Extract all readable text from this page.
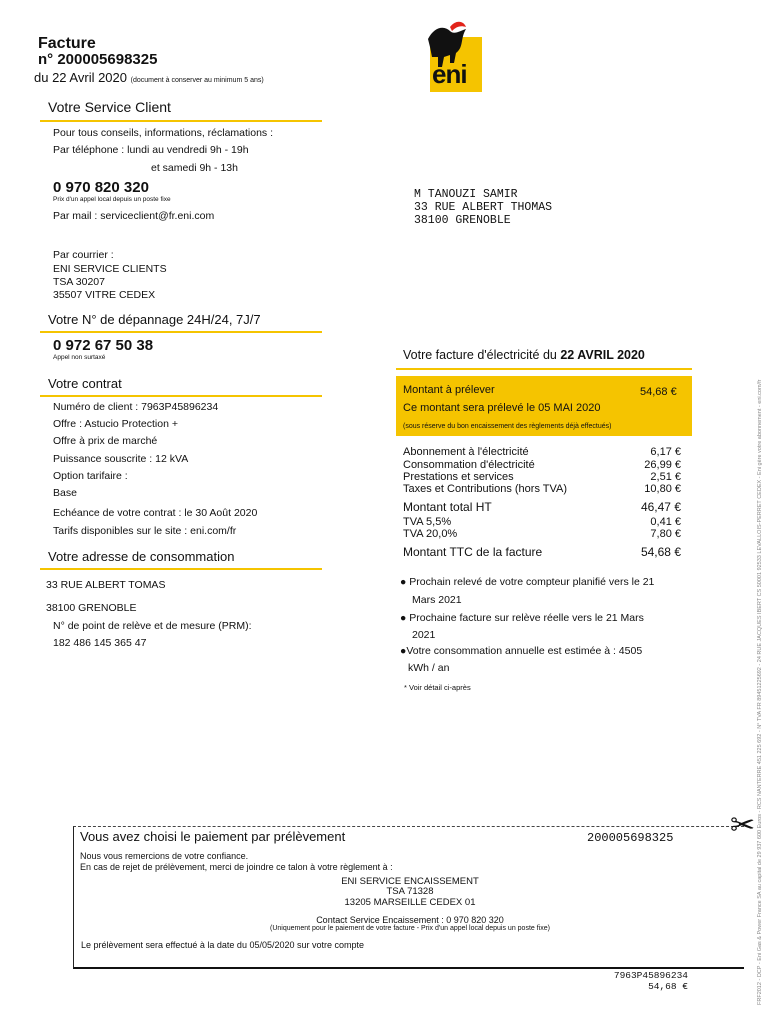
Facture
n° 200005698325
du 22 Avril 2020 (document à conserver au minimum 5 ans)	eni
Votre Service Client
Pour tous conseils, informations, réclamations :
Par téléphone : lundi au vendredi 9h - 19h
et samedi 9h - 13h
0 970 820 320
Prix d'un appel local depuis un poste fixe
Par mail : serviceclient@fr.eni.com
Par courrier :
ENI SERVICE CLIENTS
TSA 30207
35507 VITRE CEDEX
Votre N° de dépannage 24H/24, 7J/7
0 972 67 50 38
Appel non surtaxé
Votre contrat
Numéro de client : 7963P45896234
Offre : Astucio Protection +
Offre à prix de marché
Puissance souscrite : 12 kVA
Option tarifaire :
Base
Echéance de votre contrat : le 30 Août 2020
Tarifs disponibles sur le site : eni.com/fr
Votre adresse de consommation
33 RUE ALBERT TOMAS
38100 GRENOBLE
N° de point de relève et de mesure (PRM):
182 486 145 365 47
M TANOUZI SAMIR
33 RUE ALBERT THOMAS
38100 GRENOBLE
Votre facture d'électricité du 22 AVRIL 2020
Montant à prélever	54,68 €
Ce montant sera prélevé le 05 MAI 2020
(sous réserve du bon encaissement des règlements déjà effectués)
Abonnement à l'électricité	6,17 €
Consommation d'électricité	26,99 €
Prestations et services	2,51 €
Taxes et Contributions (hors TVA)	10,80 €
Montant total HT	46,47 €
TVA 5,5%	0,41 €
TVA 20,0%	7,80 €
Montant TTC de la facture	54,68 €
● Prochain relevé de votre compteur planifié vers le 21
Mars 2021
● Prochaine facture sur relève réelle vers le 21 Mars
2021
●Votre consommation annuelle est estimée à : 4505
kWh / an
* Voir détail ci-après	FRF2012 - DCP - Eni Gas & Power France SA au capital de 29 937 600 Euros - RCS NANTERRE 451 225 692 - N° TVA FR 89451225692 - 24 RUE JACQUES IBERT CS 50001 92533 LEVALLOIS-PERRET CEDEX - Eni gère votre abonnement - eni.com/fr
✂
Vous avez choisi le paiement par prélèvement	200005698325
Nous vous remercions de votre confiance.
En cas de rejet de prélèvement, merci de joindre ce talon à votre règlement à :
ENI SERVICE ENCAISSEMENT
TSA 71328
13205 MARSEILLE CEDEX 01
Contact Service Encaissement : 0 970 820 320
(Uniquement pour le paiement de votre facture - Prix d'un appel local depuis un poste fixe)
Le prélèvement sera effectué à la date du 05/05/2020 sur votre compte
7963P45896234
54,68 €
